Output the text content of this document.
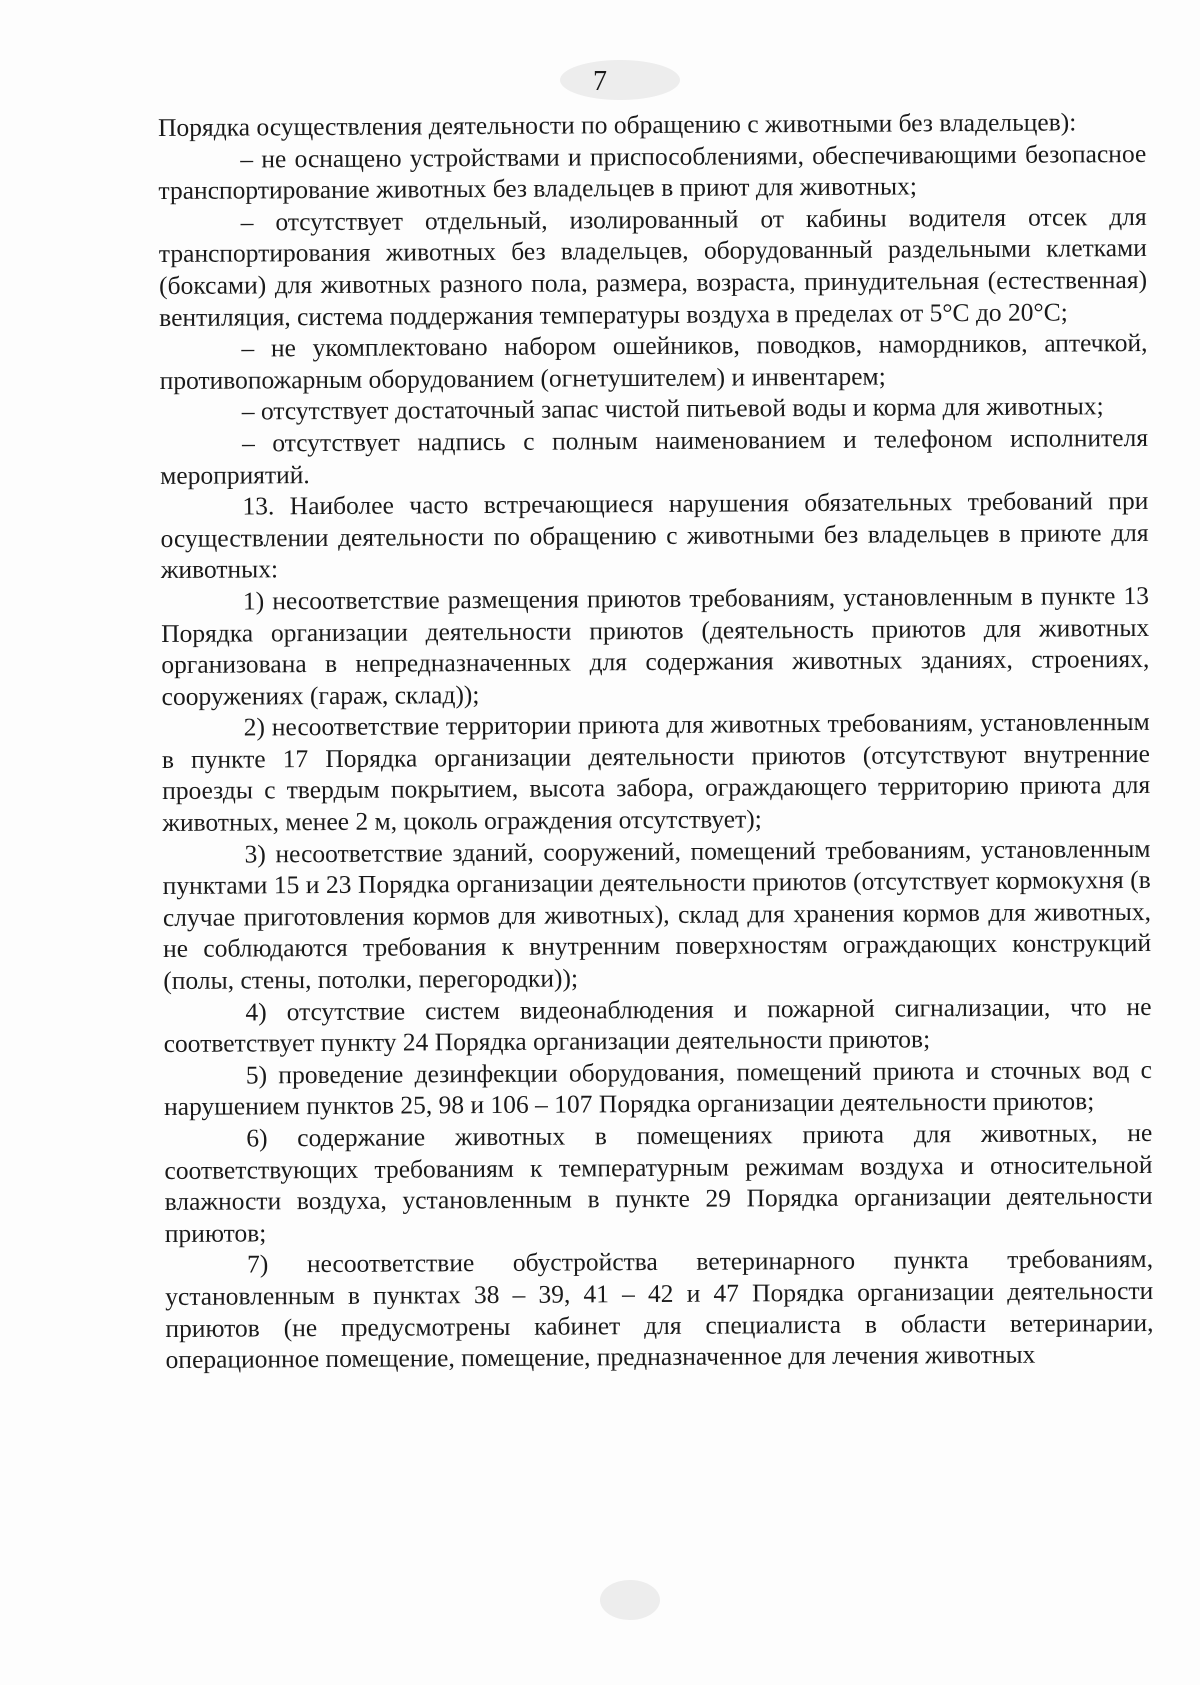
7

Порядка осуществления деятельности по обращению с животными без владельцев):

– не оснащено устройствами и приспособлениями, обеспечивающими безопасное транспортирование животных без владельцев в приют для животных;

– отсутствует отдельный, изолированный от кабины водителя отсек для транспортирования животных без владельцев, оборудованный раздельными клетками (боксами) для животных разного пола, размера, возраста, принудительная (естественная) вентиляция, система поддержания температуры воздуха в пределах от 5°С до 20°С;

– не укомплектовано набором ошейников, поводков, намордников, аптечкой, противопожарным оборудованием (огнетушителем) и инвентарем;

– отсутствует достаточный запас чистой питьевой воды и корма для животных;

– отсутствует надпись с полным наименованием и телефоном исполнителя мероприятий.

13. Наиболее часто встречающиеся нарушения обязательных требований при осуществлении деятельности по обращению с животными без владельцев в приюте для животных:

1) несоответствие размещения приютов требованиям, установленным в пункте 13 Порядка организации деятельности приютов (деятельность приютов для животных организована в непредназначенных для содержания животных зданиях, строениях, сооружениях (гараж, склад));

2) несоответствие территории приюта для животных требованиям, установленным в пункте 17 Порядка организации деятельности приютов (отсутствуют внутренние проезды с твердым покрытием, высота забора, ограждающего территорию приюта для животных, менее 2 м, цоколь ограждения отсутствует);

3) несоответствие зданий, сооружений, помещений требованиям, установленным пунктами 15 и 23 Порядка организации деятельности приютов (отсутствует кормокухня (в случае приготовления кормов для животных), склад для хранения кормов для животных, не соблюдаются требования к внутренним поверхностям ограждающих конструкций (полы, стены, потолки, перегородки));

4) отсутствие систем видеонаблюдения и пожарной сигнализации, что не соответствует пункту 24 Порядка организации деятельности приютов;

5) проведение дезинфекции оборудования, помещений приюта и сточных вод с нарушением пунктов 25, 98 и 106 – 107 Порядка организации деятельности приютов;

6) содержание животных в помещениях приюта для животных, не соответствующих требованиям к температурным режимам воздуха и относительной влажности воздуха, установленным в пункте 29 Порядка организации деятельности приютов;

7) несоответствие обустройства ветеринарного пункта требованиям, установленным в пунктах 38 – 39, 41 – 42 и 47 Порядка организации деятельности приютов (не предусмотрены кабинет для специалиста в области ветеринарии, операционное помещение, помещение, предназначенное для лечения животных
